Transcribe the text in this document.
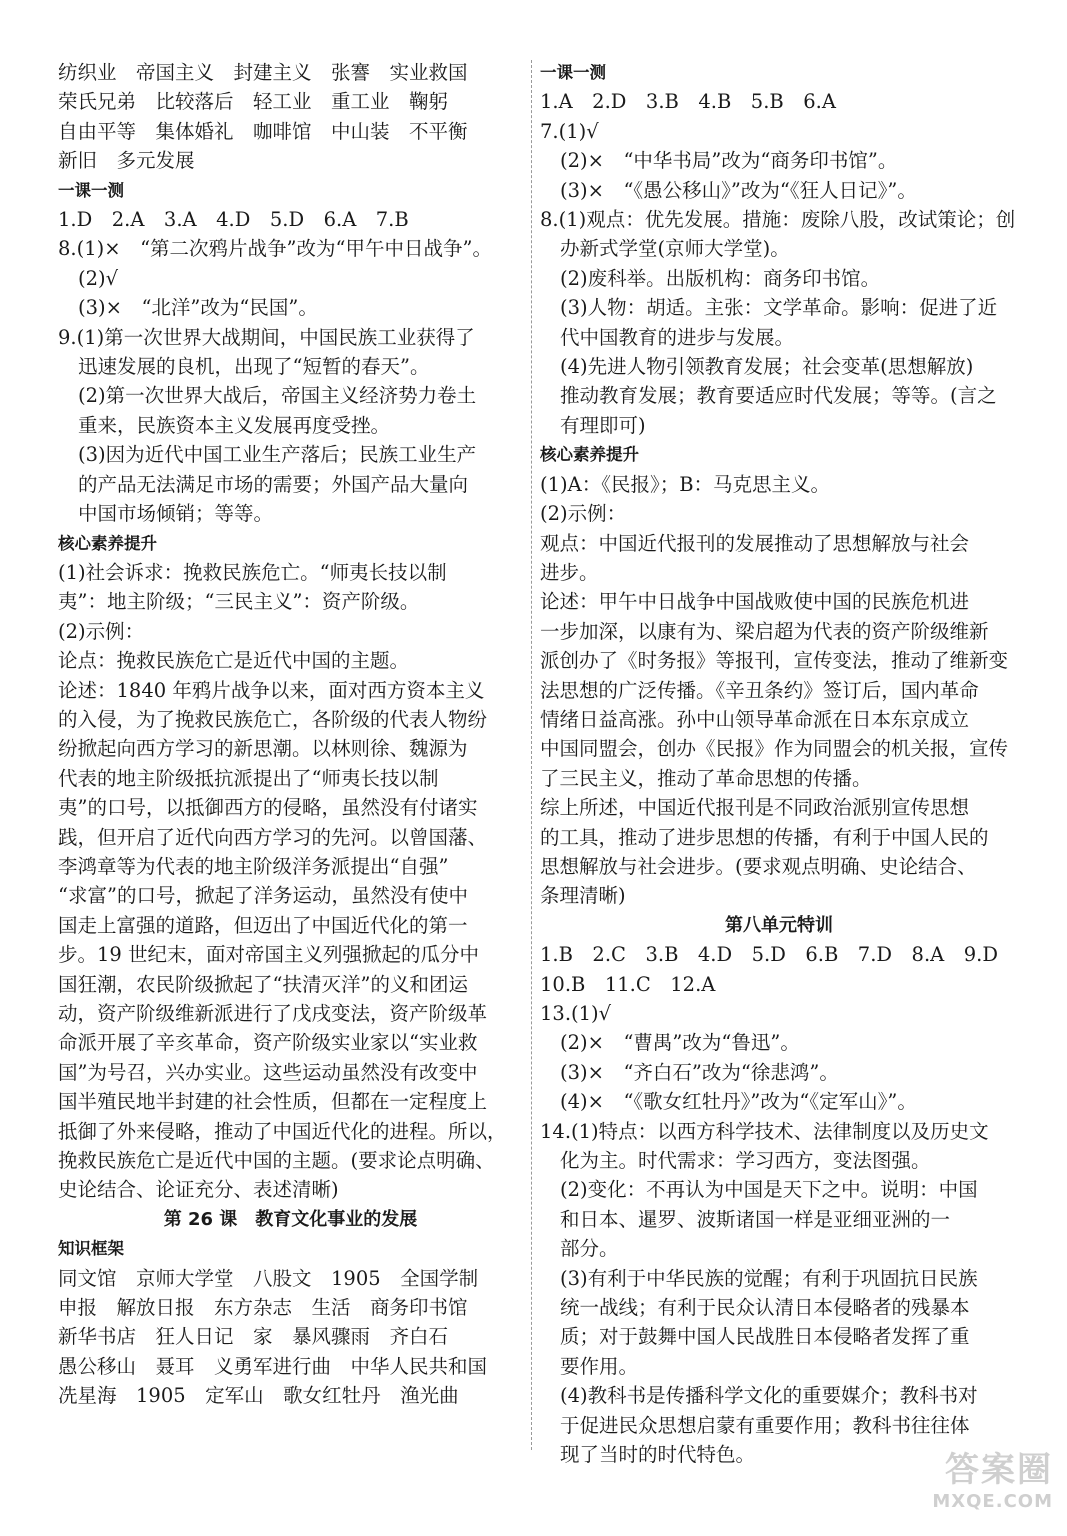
纺织业　帝国主义　封建主义　张謇　实业救国
荣氏兄弟　比较落后　轻工业　重工业　鞠躬
自由平等　集体婚礼　咖啡馆　中山装　不平衡
新旧　多元发展
一课一测
1.D　2.A　3.A　4.D　5.D　6.A　7.B
8.(1)×　“第二次鸦片战争”改为“甲午中日战争”。
(2)√
(3)×　“北洋”改为“民国”。
9.(1)第一次世界大战期间，中国民族工业获得了
迅速发展的良机，出现了“短暂的春天”。
(2)第一次世界大战后，帝国主义经济势力卷土
重来，民族资本主义发展再度受挫。
(3)因为近代中国工业生产落后；民族工业生产
的产品无法满足市场的需要；外国产品大量向
中国市场倾销；等等。
核心素养提升
(1)社会诉求：挽救民族危亡。“师夷长技以制
夷”：地主阶级；“三民主义”：资产阶级。
(2)示例：
论点：挽救民族危亡是近代中国的主题。
论述：1840 年鸦片战争以来，面对西方资本主义
的入侵，为了挽救民族危亡，各阶级的代表人物纷
纷掀起向西方学习的新思潮。以林则徐、魏源为
代表的地主阶级抵抗派提出了“师夷长技以制
夷”的口号，以抵御西方的侵略，虽然没有付诸实
践，但开启了近代向西方学习的先河。以曾国藩、
李鸿章等为代表的地主阶级洋务派提出“自强”
“求富”的口号，掀起了洋务运动，虽然没有使中
国走上富强的道路，但迈出了中国近代化的第一
步。19 世纪末，面对帝国主义列强掀起的瓜分中
国狂潮，农民阶级掀起了“扶清灭洋”的义和团运
动，资产阶级维新派进行了戊戌变法，资产阶级革
命派开展了辛亥革命，资产阶级实业家以“实业救
国”为号召，兴办实业。这些运动虽然没有改变中
国半殖民地半封建的社会性质，但都在一定程度上
抵御了外来侵略，推动了中国近代化的进程。所以，
挽救民族危亡是近代中国的主题。(要求论点明确、
史论结合、论证充分、表述清晰)
第 26 课　教育文化事业的发展
知识框架
同文馆　京师大学堂　八股文　1905　全国学制
申报　解放日报　东方杂志　生活　商务印书馆
新华书店　狂人日记　家　暴风骤雨　齐白石
愚公移山　聂耳　义勇军进行曲　中华人民共和国
冼星海　1905　定军山　歌女红牡丹　渔光曲
一课一测
1.A　2.D　3.B　4.B　5.B　6.A
7.(1)√
(2)×　“中华书局”改为“商务印书馆”。
(3)×　“《愚公移山》”改为“《狂人日记》”。
8.(1)观点：优先发展。措施：废除八股，改试策论；创
办新式学堂(京师大学堂)。
(2)废科举。出版机构：商务印书馆。
(3)人物：胡适。主张：文学革命。影响：促进了近
代中国教育的进步与发展。
(4)先进人物引领教育发展；社会变革(思想解放)
推动教育发展；教育要适应时代发展；等等。(言之
有理即可)
核心素养提升
(1)A：《民报》；B：马克思主义。
(2)示例：
观点：中国近代报刊的发展推动了思想解放与社会
进步。
论述：甲午中日战争中国战败使中国的民族危机进
一步加深，以康有为、梁启超为代表的资产阶级维新
派创办了《时务报》等报刊，宣传变法，推动了维新变
法思想的广泛传播。《辛丑条约》签订后，国内革命
情绪日益高涨。孙中山领导革命派在日本东京成立
中国同盟会，创办《民报》作为同盟会的机关报，宣传
了三民主义，推动了革命思想的传播。
综上所述，中国近代报刊是不同政治派别宣传思想
的工具，推动了进步思想的传播，有利于中国人民的
思想解放与社会进步。(要求观点明确、史论结合、
条理清晰)
第八单元特训
1.B　2.C　3.B　4.D　5.D　6.B　7.D　8.A　9.D
10.B　11.C　12.A
13.(1)√
(2)×　“曹禺”改为“鲁迅”。
(3)×　“齐白石”改为“徐悲鸿”。
(4)×　“《歌女红牡丹》”改为“《定军山》”。
14.(1)特点：以西方科学技术、法律制度以及历史文
化为主。时代需求：学习西方，变法图强。
(2)变化：不再认为中国是天下之中。说明：中国
和日本、暹罗、波斯诸国一样是亚细亚洲的一
部分。
(3)有利于中华民族的觉醒；有利于巩固抗日民族
统一战线；有利于民众认清日本侵略者的残暴本
质；对于鼓舞中国人民战胜日本侵略者发挥了重
要作用。
(4)教科书是传播科学文化的重要媒介；教科书对
于促进民众思想启蒙有重要作用；教科书往往体
现了当时的时代特色。	答案圈
MXQE.COM
